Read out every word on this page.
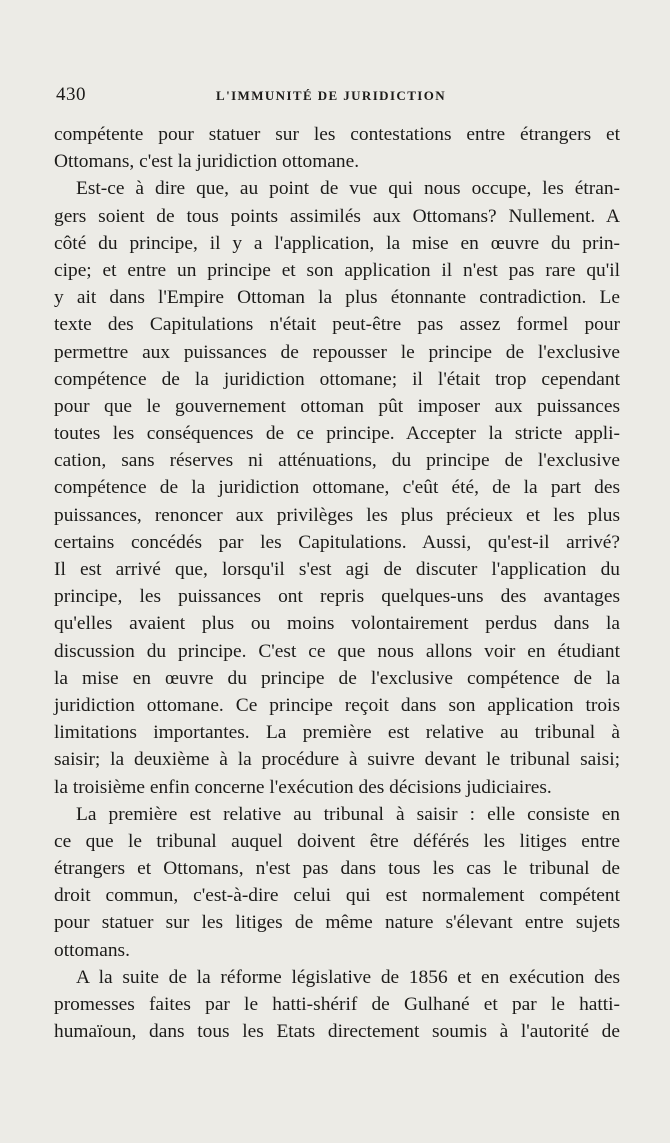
430	L'IMMUNITÉ DE JURIDICTION
compétente pour statuer sur les contestations entre étrangers et
Ottomans, c'est la juridiction ottomane.
Est-ce à dire que, au point de vue qui nous occupe, les étran-
gers soient de tous points assimilés aux Ottomans? Nullement. A
côté du principe, il y a l'application, la mise en œuvre du prin-
cipe; et entre un principe et son application il n'est pas rare qu'il
y ait dans l'Empire Ottoman la plus étonnante contradiction. Le
texte des Capitulations n'était peut-être pas assez formel pour
permettre aux puissances de repousser le principe de l'exclusive
compétence de la juridiction ottomane; il l'était trop cependant
pour que le gouvernement ottoman pût imposer aux puissances
toutes les conséquences de ce principe. Accepter la stricte appli-
cation, sans réserves ni atténuations, du principe de l'exclusive
compétence de la juridiction ottomane, c'eût été, de la part des
puissances, renoncer aux privilèges les plus précieux et les plus
certains concédés par les Capitulations. Aussi, qu'est-il arrivé?
Il est arrivé que, lorsqu'il s'est agi de discuter l'application du
principe, les puissances ont repris quelques-uns des avantages
qu'elles avaient plus ou moins volontairement perdus dans la
discussion du principe. C'est ce que nous allons voir en étudiant
la mise en œuvre du principe de l'exclusive compétence de la
juridiction ottomane. Ce principe reçoit dans son application trois
limitations importantes. La première est relative au tribunal à
saisir; la deuxième à la procédure à suivre devant le tribunal saisi;
la troisième enfin concerne l'exécution des décisions judiciaires.
La première est relative au tribunal à saisir : elle consiste en
ce que le tribunal auquel doivent être déférés les litiges entre
étrangers et Ottomans, n'est pas dans tous les cas le tribunal de
droit commun, c'est-à-dire celui qui est normalement compétent
pour statuer sur les litiges de même nature s'élevant entre sujets
ottomans.
A la suite de la réforme législative de 1856 et en exécution des
promesses faites par le hatti-shérif de Gulhané et par le hatti-
humaïoun, dans tous les Etats directement soumis à l'autorité de
